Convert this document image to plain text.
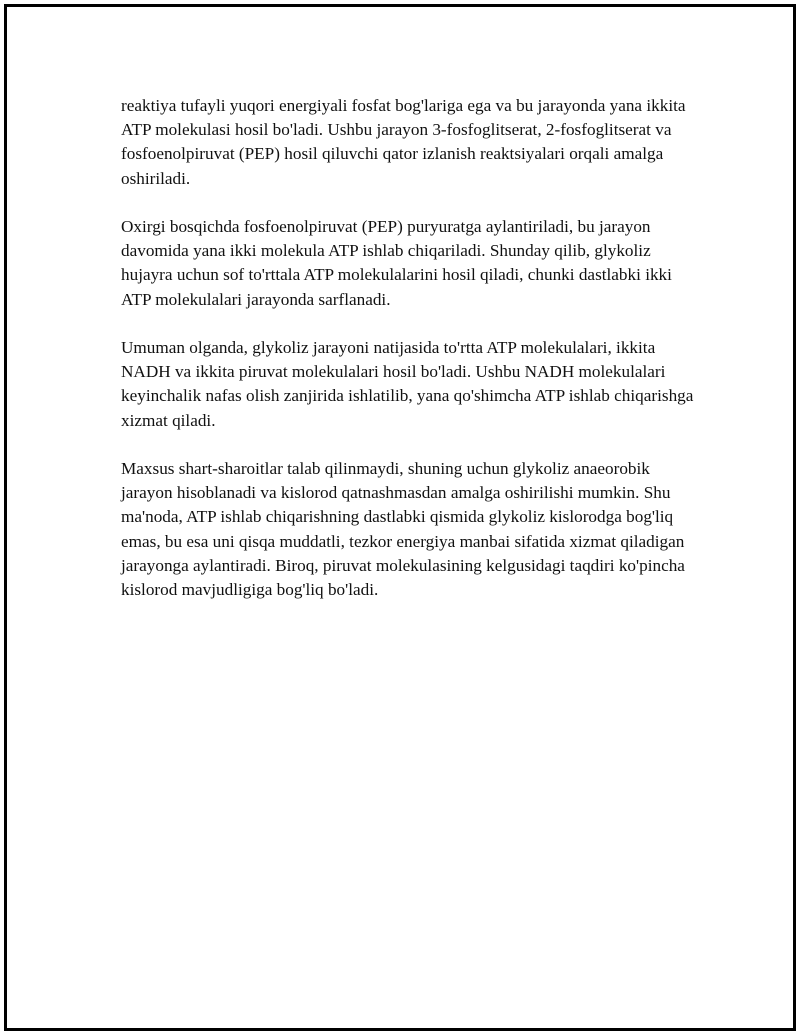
reaktiya tufayli yuqori energiyali fosfat bog'lariga ega va bu jarayonda yana ikkita ATP molekulasi hosil bo'ladi. Ushbu jarayon 3-fosfoglitserat, 2-fosfoglitserat va fosfoenolpiruvat (PEP) hosil qiluvchi qator izlanish reaktsiyalari orqali amalga oshiriladi.

Oxirgi bosqichda fosfoenolpiruvat (PEP) puryuratga aylantiriladi, bu jarayon davomida yana ikki molekula ATP ishlab chiqariladi. Shunday qilib, glykoliz hujayra uchun sof to'rttala ATP molekulalarini hosil qiladi, chunki dastlabki ikki ATP molekulalari jarayonda sarflanadi.

Umuman olganda, glykoliz jarayoni natijasida to'rtta ATP molekulalari, ikkita NADH va ikkita piruvat molekulalari hosil bo'ladi. Ushbu NADH molekulalari keyinchalik nafas olish zanjirida ishlatilib, yana qo'shimcha ATP ishlab chiqarishga xizmat qiladi.

Maxsus shart-sharoitlar talab qilinmaydi, shuning uchun glykoliz anaeorobik jarayon hisoblanadi va kislorod qatnashmasdan amalga oshirilishi mumkin. Shu ma'noda, ATP ishlab chiqarishning dastlabki qismida glykoliz kislorodga bog'liq emas, bu esa uni qisqa muddatli, tezkor energiya manbai sifatida xizmat qiladigan jarayonga aylantiradi. Biroq, piruvat molekulasining kelgusidagi taqdiri ko'pincha kislorod mavjudligiga bog'liq bo'ladi.
